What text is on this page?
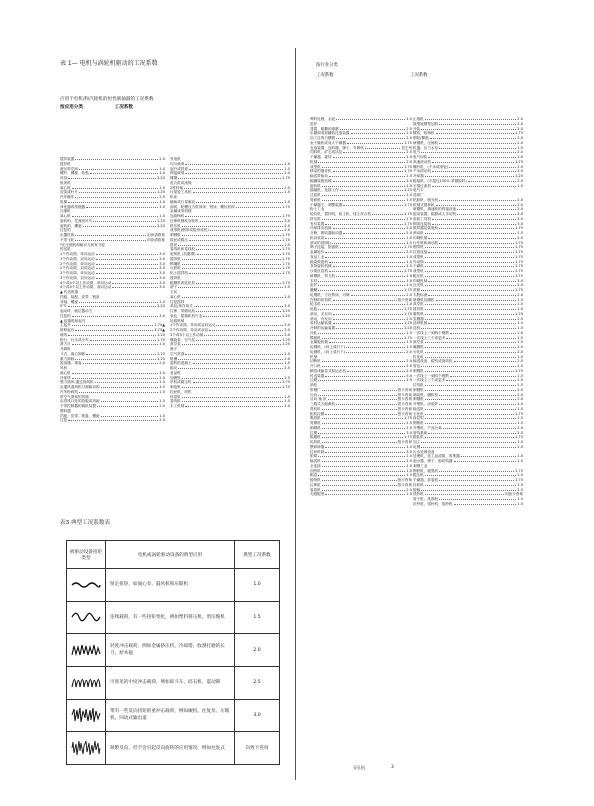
表 1— 电机与涡轮机驱动的工况系数
应用于电机/和汽轮机的恒性联轴器的工况系数
按应用分类	工况系数
搅拌装置	2.0
搅拌机
液压料空间	1.0
螺杆、螺旋、钻弧	1.0
用泵	1.25
鼓风机
离心机	1.0
变齿成叶片	1.25
汽车酿车	2.5
电梯	1.0
净化器或浓缩器	1.0
压缩机
离心机	1.0
旋转的、凭流成叶片	1.25
旋转的、螺旋	1.25
往复的
出器性的	向读请联系
不带飞轮	向读请联系
*在压缩机和驱动力间有飞轮
传送机
1个作动筒、单向运动	3.0
1个作动筒、双向运动	3.0
2个作动筒、单向运动	3.0
2个作动筒、双向运动	3.0
3个作动筒、单向运动	3.0
3个作动筒、双向运动	3.0
4个或4个以上作动筒、单向运动	3.0
4个或4个以上作动筒、双向运动	3.0
▲ 传送机重
挡板、装配、皮带、链条
非轴、螺旋	1.0
炉片	1.25
起动时、就位器动力
往复的	3.0
▲ 起重机和起升
主起升	1.75▲
桥跨起升	1.75▲
缓线	1.25
桥行、行走或小车	1.75
滑力计	1.0
升降机
斗式、离心卸载	1.25
重力卸载	1.25
振荡器、乘客	2.0
风机
离心机	1.0
冷却塔	2.0
强力抽风-通过抽风机	1.5
由通风道风机分测驱动的	1.5
汽车粉碎机	1.5
带空气滑剂的风箱
由进风口处的挡板或风阀	1.5
不带控制器的调机装置	2.0
喂料器
挡板、皮带、圆盘、螺旋	1.0
往复	2.5
发电机
均匀载荷	1.0
起升或铁道	1.5
焊接载荷	2.0
锤磨	1.75
洗衣机或滚筒
2度转轴	2.0
行星轮工具机	1.5
机床
辅助或行星驱动	1.0
曲拐、轮槽压力机冲床、钳床、螺纹机构	1.75
金属成形机械
连续铸机	1.75
拉伸机钢丝穿丝机	2.0
挤压机	2.0
成形机(钢带或板形成机)	2.0
制钢机	1.75
拔丝或辊压	1.75
拔丝	1.5
卷线机和卷线机	1.75
泥浆机 (抗磨滑)	1.75
搅拌机	1.75
鸭嘴机	1.75
压碎机	1.75
贴土搅拌机	1.75
搅拌机
辊磨机或乳化机	1.75
滚子	1.5
石灰
离心机	1.0
往复搅拌
单缸/单作用式	3.0
拉伸、带磨轧机	1.25
染色、振箱机机行业	1.25
轧辊机械
1个作动筒、单向或双向运动	3.0
2个作动筒、单向或双向	3.0
3个或3个以上作动筒	3.0
螺旋泵、空气泵	1.25
真空泵	1.25
筛子
空气洗涤	1.0
格栅	1.0
旋转的混凝土	1.5
振动	2.5
食品机
加燃机	1.5
吊机或绑定机	1.75
制卷机	1.75
挂丝机、织机
转卷机	1.5
卷线机	1.5
木工机械	1.0
表3 典型工况系数表
被驱动设备扭矩类型	电机或涡轮驱动设备的典型应用	典型工况系数

	恒定扭矩，如离心泵、鼓风机和压缩机	1.0

	连续载荷，有一些扭矩变化，例如塑料挤压机、剪压缩机	1.5

	轻度冲击载荷，例如金属挤压机，冷却塔、收割打磨的长刀、原木拖	2.0

	可预见的中度冲击载荷，例如碎斗车、碎石机、震动筛	2.5

	带有一些反向扭矩的重冲击载荷，例如碾机、往复泵、压缩机、回动式输出道	3.0

	频繁反向，但不会引起反向旋转的应用情况，例如往复式	向致卡咨询
按行业分类
工况系数	工况系数
啤料处理，水泥	1.5
窑炉
背震、粗糠和球磨	2.0
出磨和成形罐装托盘装置	2.0
加工过的白糖磨	2.0
坐干燥机或成人干燥器	1.75
农选装置，连料器，筛子，升降机	见左列
饲料机，矿石成活及	2.5
干燥器，旋转	1.5
机械	2.0
成型机	1.75
移动的磨坯机	1.75
输送带驱动	1.5
辊罐装瓶机械	1.0
旋转机	1.0
熔融机，连续工作	1.25
过滤机	1.5
剪碎机	1.5
干燥器干，调整装置	1.75
粉土工业
轮纹机，搅拌机，粘土机，揉土拌合机	1.75
挤压机	1.5
有纹装置	1.75
冷却排出机械	2.0
分筛，吸收器驱动器	2.0
机向收款	1.5
滚动的(圆周)	1.5
筛子连接，框锯机	1.75
金属轮纹	2.5
食品工业	1.0
稳索鼓旋机	1.5
食物旋转机械	1.5
沙果皮卷机	1.75
研磨机，剪刀机	1.5
木材	1.0
窑炉	1.5
腰鳝	1.75
轧钢机，方坯剪床，可调	2.0
在制的切机机	按卡咨询
轮木机	2.0
轧板	1.75
滚动，无反向	1.75
滚动，有反向	2.0
装料运输装置	1.25
冷制的运输装置	1.25
冷轧	1.5
模板机	1.75
金属板机械	1.5
轧钢机，(向上成行下)	1.5
轧钢机，(向上成行下)	2.0
机械
切断机	2.0
开口机	2.0
精卷成输卷式和运出机	2.5
传送装置	3.0
边刷	1.5
滚轮
带钢厂	按卡咨询
反向	按卡咨询
反向 轴 机	按卡咨询
三辊式万能截机	按卡咨询
剪机机	按卡咨询
粗机拉模	按卡咨询
吸纸机	1.75
剪磨机	1.5
刷刷机	1.5
拉模	3.0
辊磨机	1.75
轧机机	按卡咨询
整碎研磨	1.5
拉丝机制	3.0
旅疏	1.5
输送机	1.5
全连续	1.5
加热机	1.5
粗卷	1.5
板纸机	按卡咨询
拉伸机	按卡咨询
装卷机	2.5
无级辊型	1.5
止推机	2.0
筒型轮钢型加机	2.0
冷装	2.0
镀铝，铝铸机	1.75
钢轮/柳箱	2.0
研磨机，压缩机	2.0
机器，压力水泵	1.5
电气	2.0
电气用机	2.0
高速滚动机	1.75
螺杆机，(千米或滚轮)	1.5
千米滚动机	1.5
冷却器	1.25
辊接机，(不超过150% 单额值时)	2.0
石棉过滤机	1.5
电气卡
造纸厂
粘胶机，刨光机	2.0
机械式搅拌机	2.0
研磨机，减速机的焊接设备	2.0
振动装置，辊磨或人手切机	2.0
胶垢工具机	2.0
钢条连接机	3.0
微样器及装瓶机	1.75
滚动机	1.5
印刷机械	2.0
行车机和扇动机	1.75
钢带机	1.75
拉卷连接	1.75
成型机	1.75
作动筒	1.75
干燥机	1.75
成型机	1.75
辊压机	1.75
印刷机械	2.0
压光机	2.0
滚筒	1.75
木股标流	2.0
研磨机及碾机	1.5
真空机	1.5
搅拌机	1.5
磨浆机	1.25
炭磨器	2.5
造纸机械	1.5
送机	1.5
一次线上一到两个钢筋	2.0
一次线上三个或更多	1.5
真空泵	1.5
碾磨机	2.0
石化机	2.0
粒化机	1.5
输送设备，辊机或旋转机	2.5
管运	1.5
制钢机	1.75
一次线上一到四个钢筋	1.5
一次线上三个或更多	2.5
拉线机	1.5
制钢机	2.0
调动机，碾机机	2.0
制钢机	2.0
开塑机，卤胶炉	1.5
输送机	1.5
石化机	1.75
涂层型	1.5
钢筋机	1.5
开塑机，产品分离	2.0
管线系统	2.5
辊轧机	1.75
加工	1.5
轧钢	2.0
污水处理设备
处理机，化工品滤筒，收集器	1.0
泡水器，筛子，粗切机器	1.5
剥钢工业
钢铁机，辊弧机	1.75
辊压机	1.5
干燥器，拆卷机	1.75
纺织机	1.5
板幅	1.5
烫纱机	向致卡咨询
管子机，洗涤机	1.5
折纱机，绕纱机，卷纱机	1.5
穿孔机	3
